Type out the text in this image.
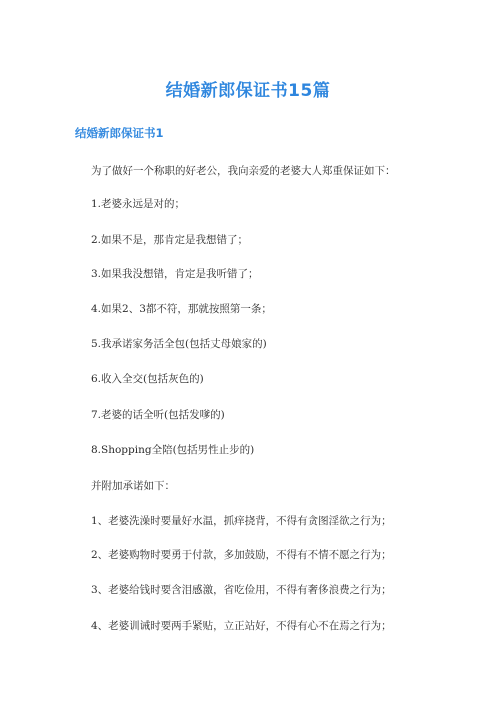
结婚新郎保证书15篇
结婚新郎保证书1
为了做好一个称职的好老公，我向亲爱的老婆大人郑重保证如下：
1.老婆永远是对的；
2.如果不是，那肯定是我想错了；
3.如果我没想错，肯定是我听错了；
4.如果2、3都不符，那就按照第一条；
5.我承诺家务活全包(包括丈母娘家的)
6.收入全交(包括灰色的)
7.老婆的话全听(包括发嗲的)
8.Shopping全陪(包括男性止步的)
并附加承诺如下：
1、老婆洗澡时要量好水温，抓痒挠背，不得有贪图淫欲之行为；
2、老婆购物时要勇于付款，多加鼓励，不得有不情不愿之行为；
3、老婆给钱时要含泪感激，省吃俭用，不得有奢侈浪费之行为；
4、老婆训诫时要两手紧贴，立正站好，不得有心不在焉之行为；
